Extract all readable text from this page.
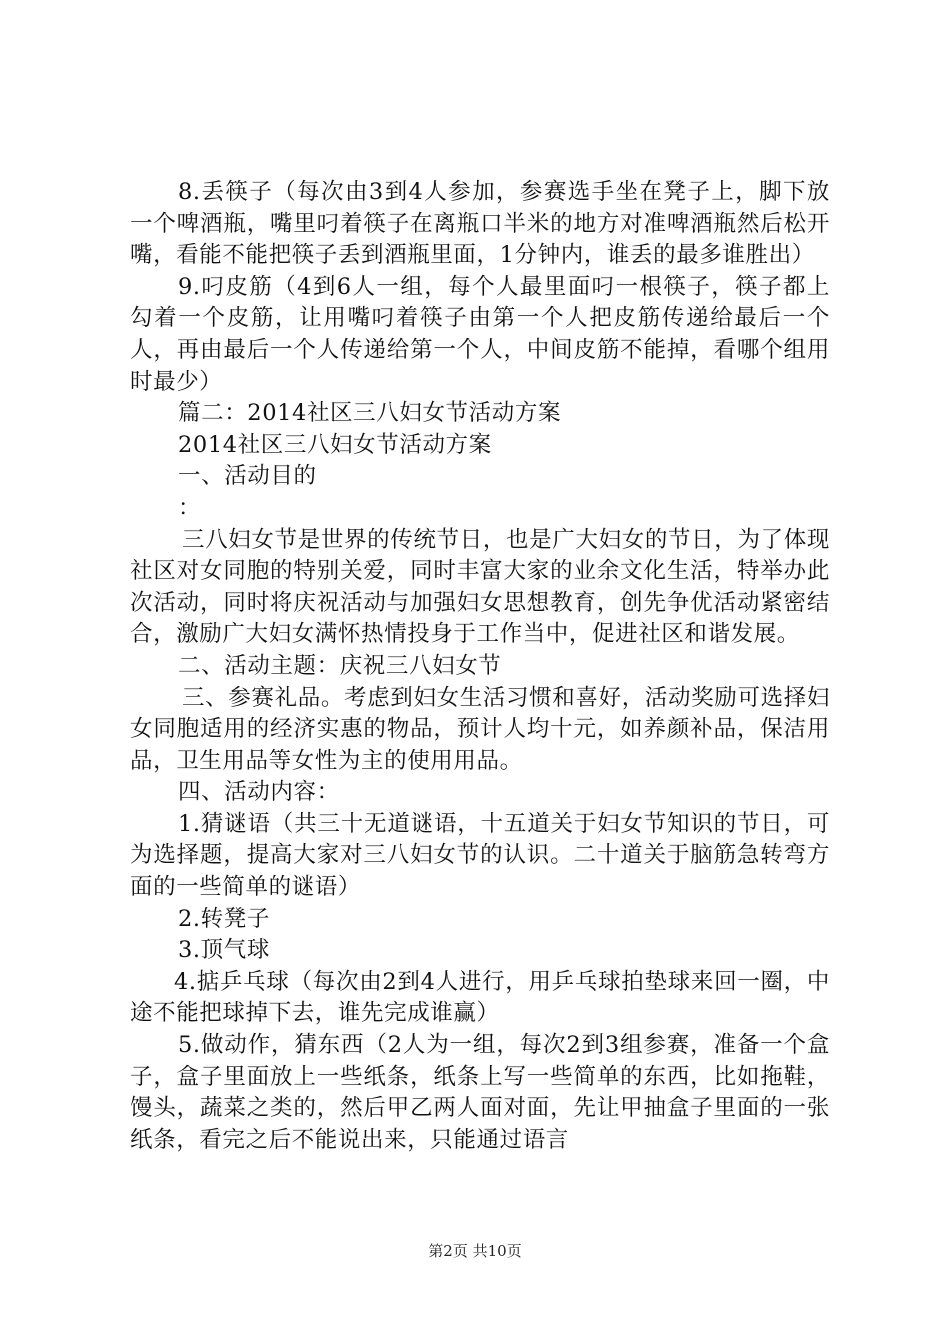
8.丢筷子（每次由3到4人参加，参赛选手坐在凳子上，脚下放一个啤酒瓶，嘴里叼着筷子在离瓶口半米的地方对准啤酒瓶然后松开嘴，看能不能把筷子丢到酒瓶里面，1分钟内，谁丢的最多谁胜出）

9.叼皮筋（4到6人一组，每个人最里面叼一根筷子，筷子都上勾着一个皮筋，让用嘴叼着筷子由第一个人把皮筋传递给最后一个人，再由最后一个人传递给第一个人，中间皮筋不能掉，看哪个组用时最少）

篇二：2014社区三八妇女节活动方案

2014社区三八妇女节活动方案

一、活动目的

：

三八妇女节是世界的传统节日，也是广大妇女的节日，为了体现社区对女同胞的特别关爱，同时丰富大家的业余文化生活，特举办此次活动，同时将庆祝活动与加强妇女思想教育，创先争优活动紧密结合，激励广大妇女满怀热情投身于工作当中，促进社区和谐发展。

二、活动主题：庆祝三八妇女节

三、参赛礼品。考虑到妇女生活习惯和喜好，活动奖励可选择妇女同胞适用的经济实惠的物品，预计人均十元，如养颜补品，保洁用品，卫生用品等女性为主的使用用品。

四、活动内容：

1.猜谜语（共三十无道谜语，十五道关于妇女节知识的节日，可为选择题，提高大家对三八妇女节的认识。二十道关于脑筋急转弯方面的一些简单的谜语）

2.转凳子

3.顶气球

4.掂乒乓球（每次由2到4人进行，用乒乓球拍垫球来回一圈，中途不能把球掉下去，谁先完成谁赢）

5.做动作，猜东西（2人为一组，每次2到3组参赛，准备一个盒子，盒子里面放上一些纸条，纸条上写一些简单的东西，比如拖鞋，馒头，蔬菜之类的，然后甲乙两人面对面，先让甲抽盒子里面的一张纸条，看完之后不能说出来，只能通过语言

第2页 共10页
